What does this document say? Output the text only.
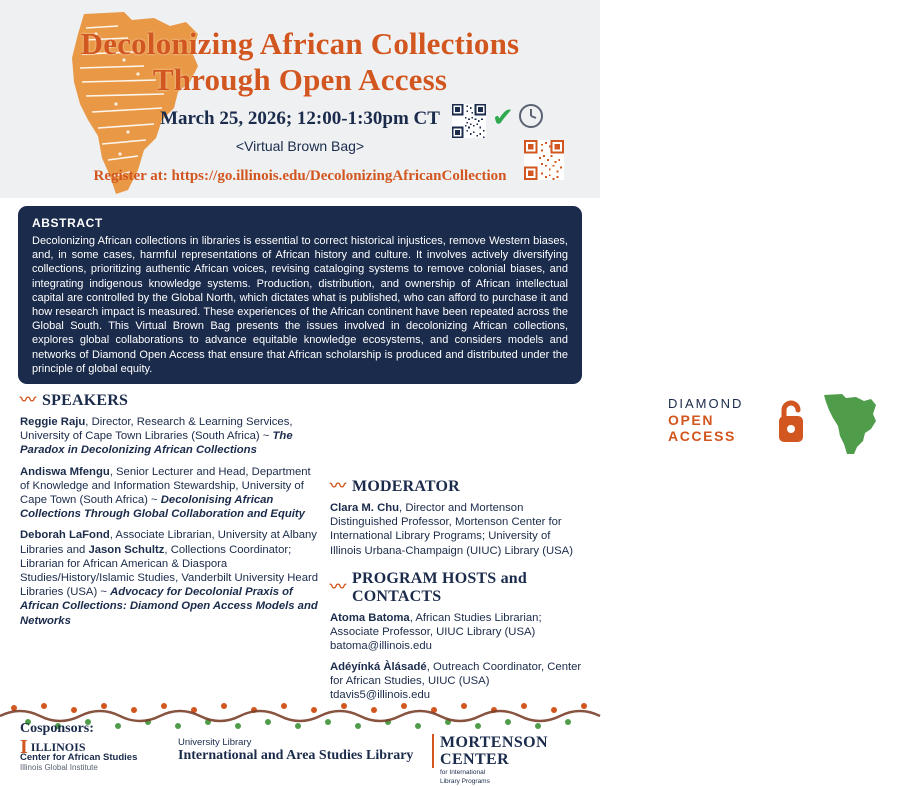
Decolonizing African Collections
Through Open Access
March 25, 2026; 12:00-1:30pm CT
<Virtual Brown Bag>
Register at: https://go.illinois.edu/DecolonizingAfricanCollection
✔
ABSTRACT
Decolonizing African collections in libraries is essential to correct historical injustices, remove Western biases, and, in some cases, harmful representations of African history and culture. It involves actively diversifying collections, prioritizing authentic African voices, revising cataloging systems to remove colonial biases, and integrating indigenous knowledge systems. Production, distribution, and ownership of African intellectual capital are controlled by the Global North, which dictates what is published, who can afford to purchase it and how research impact is measured. These experiences of the African continent have been repeated across the Global South. This Virtual Brown Bag presents the issues involved in decolonizing African collections, explores global collaborations to advance equitable knowledge ecosystems, and considers models and networks of Diamond Open Access that ensure that African scholarship is produced and distributed under the principle of global equity.
〰 SPEAKERS
Reggie Raju, Director, Research & Learning Services, University of Cape Town Libraries (South Africa) ~ The Paradox in Decolonizing African Collections
Andiswa Mfengu, Senior Lecturer and Head, Department of Knowledge and Information Stewardship, University of Cape Town (South Africa) ~ Decolonising African Collections Through Global Collaboration and Equity
Deborah LaFond, Associate Librarian, University at Albany Libraries and Jason Schultz, Collections Coordinator; Librarian for African American & Diaspora Studies/History/Islamic Studies, Vanderbilt University Heard Libraries (USA) ~ Advocacy for Decolonial Praxis of African Collections: Diamond Open Access Models and Networks
DIAMOND
OPEN
ACCESS
〰 MODERATOR
Clara M. Chu, Director and Mortenson Distinguished Professor, Mortenson Center for International Library Programs; University of Illinois Urbana-Champaign (UIUC) Library (USA)
〰
PROGRAM HOSTS and CONTACTS
Atoma Batoma, African Studies Librarian; Associate Professor, UIUC Library (USA)
batoma@illinois.edu
Adéyínká Àlásadé, Outreach Coordinator, Center for African Studies, UIUC (USA)
tdavis5@illinois.edu
Cosponsors:
I ILLINOIS
Center for African Studies
Illinois Global Institute
University Library
International and Area Studies Library
MORTENSON
CENTER
for International
Library Programs
